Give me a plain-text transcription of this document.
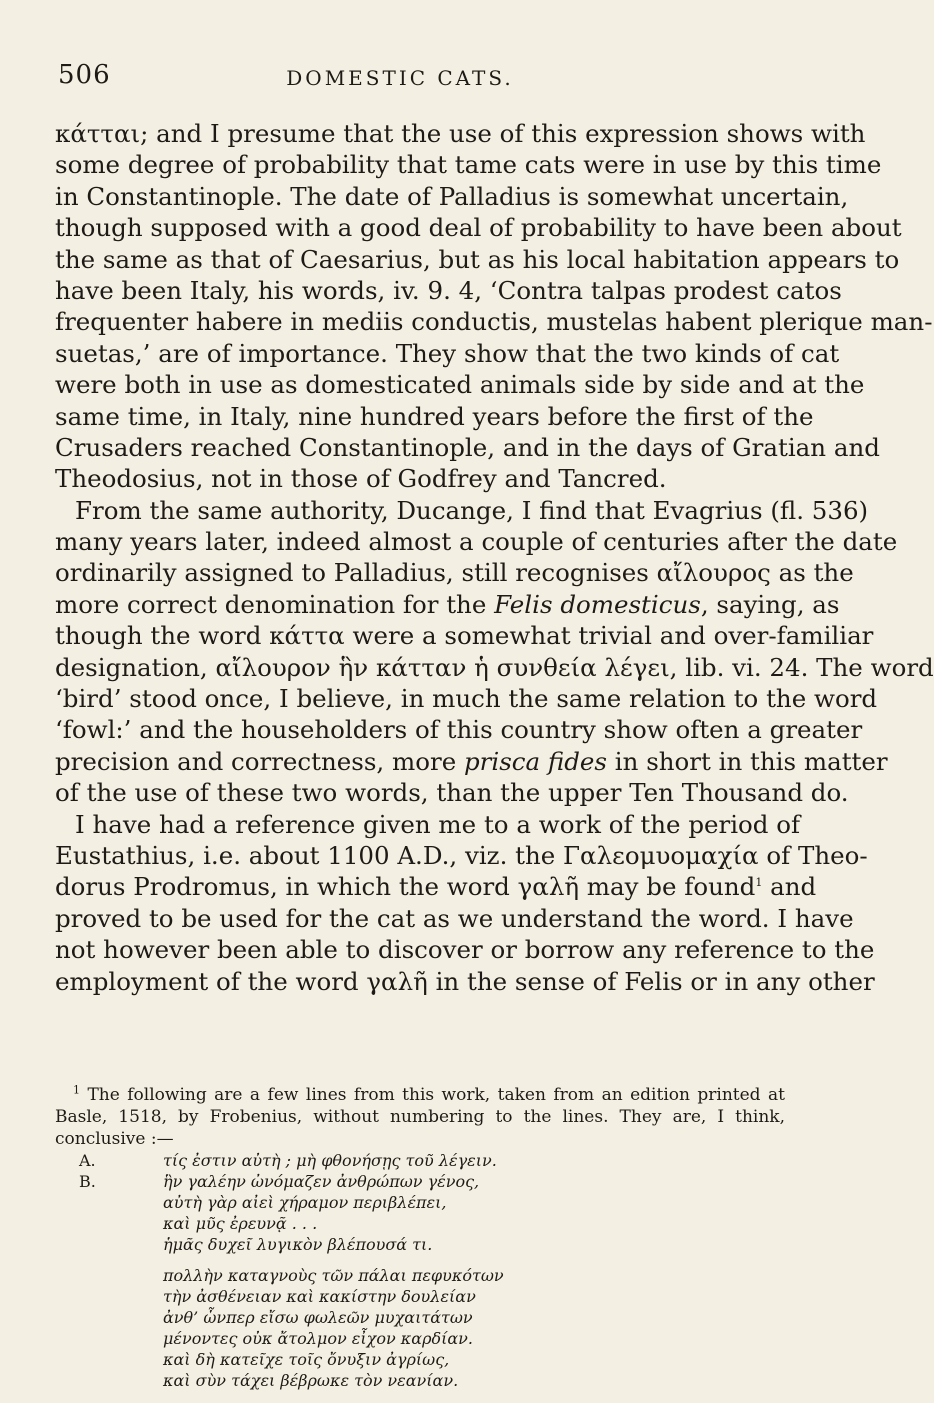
506	DOMESTIC CATS.
κάτται; and I presume that the use of this expression shows with
some degree of probability that tame cats were in use by this time
in Constantinople. The date of Palladius is somewhat uncertain,
though supposed with a good deal of probability to have been about
the same as that of Caesarius, but as his local habitation appears to
have been Italy, his words, iv. 9. 4, ‘Contra talpas prodest catos
frequenter habere in mediis conductis, mustelas habent plerique man-
suetas,’ are of importance. They show that the two kinds of cat
were both in use as domesticated animals side by side and at the
same time, in Italy, nine hundred years before the first of the
Crusaders reached Constantinople, and in the days of Gratian and
Theodosius, not in those of Godfrey and Tancred.
From the same authority, Ducange, I find that Evagrius (fl. 536)
many years later, indeed almost a couple of centuries after the date
ordinarily assigned to Palladius, still recognises αἴλουρος as the
more correct denomination for the Felis domesticus, saying, as
though the word κάττα were a somewhat trivial and over-familiar
designation, αἴλουρον ἣν κάτταν ἡ συνθεία λέγει, lib. vi. 24. The word
‘bird’ stood once, I believe, in much the same relation to the word
‘fowl:’ and the householders of this country show often a greater
precision and correctness, more prisca fides in short in this matter
of the use of these two words, than the upper Ten Thousand do.
I have had a reference given me to a work of the period of
Eustathius, i.e. about 1100 A.D., viz. the Γαλεομυομαχία of Theo-
dorus Prodromus, in which the word γαλῆ may be found$^1$ and
proved to be used for the cat as we understand the word. I have
not however been able to discover or borrow any reference to the
employment of the word γαλῆ in the sense of Felis or in any other
$^1$ The following are a few lines from this work, taken from an edition printed at
Basle, 1518, by Frobenius, without numbering to the lines. They are, I think,
conclusive :—
A.	τίς ἐστιν αὐτὴ ; μὴ φθονήσῃς τοῦ λέγειν.
B.	ἣν γαλέην ὠνόμαζεν ἀνθρώπων γένος,
αὐτὴ γὰρ αἰεὶ χήραμον περιβλέπει,
καὶ μῦς ἐρευνᾷ . . .
ἡμᾶς δυχεῖ λυγικὸν βλέπουσά τι.
πολλὴν καταγνοὺς τῶν πάλαι πεφυκότων
τὴν ἀσθένειαν καὶ κακίστην δουλείαν
ἀνθ’ ὧνπερ εἴσω φωλεῶν μυχαιτάτων
μένοντες οὐκ ἄτολμον εἶχον καρδίαν.
καὶ δὴ κατεῖχε τοῖς ὄνυξιν ἀγρίως,
καὶ σὺν τάχει βέβρωκε τὸν νεανίαν.
